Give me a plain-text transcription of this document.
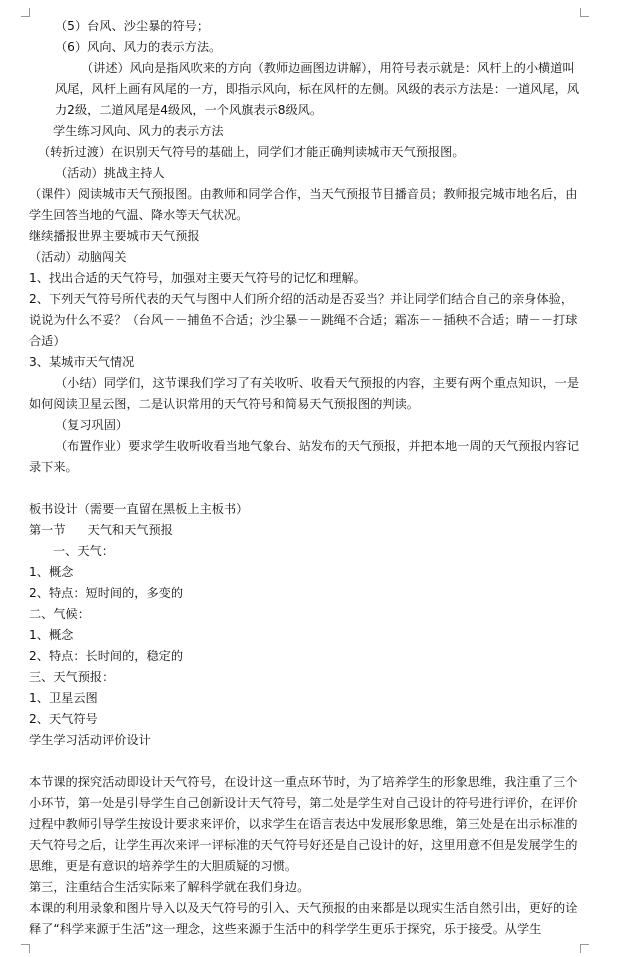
（5）台风、沙尘暴的符号；

（6）风向、风力的表示方法。

（讲述）风向是指风吹来的方向（教师边画图边讲解），用符号表示就是：风杆上的小横道叫风尾，风杆上画有风尾的一方，即指示风向，标在风杆的左侧。风级的表示方法是：一道风尾，风力2级，二道风尾是4级风，一个风旗表示8级风。

学生练习风向、风力的表示方法

（转折过渡）在识别天气符号的基础上，同学们才能正确判读城市天气预报图。

（活动）挑战主持人

（课件）阅读城市天气预报图。由教师和同学合作，当天气预报节目播音员；教师报完城市地名后，由学生回答当地的气温、降水等天气状况。

继续播报世界主要城市天气预报

（活动）动脑闯关

1、找出合适的天气符号，加强对主要天气符号的记忆和理解。

2、下列天气符号所代表的天气与图中人们所介绍的活动是否妥当？并让同学们结合自己的亲身体验，说说为什么不妥？（台风－－捕鱼不合适；沙尘暴－－跳绳不合适；霜冻－－插秧不合适；晴－－打球合适）

3、某城市天气情况

（小结）同学们，这节课我们学习了有关收听、收看天气预报的内容，主要有两个重点知识，一是如何阅读卫星云图，二是认识常用的天气符号和简易天气预报图的判读。

（复习巩固）

（布置作业）要求学生收听收看当地气象台、站发布的天气预报，并把本地一周的天气预报内容记录下来。

板书设计（需要一直留在黑板上主板书）

第一节 天气和天气预报

一、天气：

1、概念

2、特点：短时间的，多变的

二、气候：

1、概念

2、特点：长时间的，稳定的

三、天气预报：

1、卫星云图

2、天气符号

学生学习活动评价设计

本节课的探究活动即设计天气符号，在设计这一重点环节时，为了培养学生的形象思维，我注重了三个小环节，第一处是引导学生自己创新设计天气符号，第二处是学生对自己设计的符号进行评价，在评价过程中教师引导学生按设计要求来评价，以求学生在语言表达中发展形象思维，第三处是在出示标准的天气符号之后，让学生再次来评一评标准的天气符号好还是自己设计的好，这里用意不但是发展学生的思维，更是有意识的培养学生的大胆质疑的习惯。

第三，注重结合生活实际来了解科学就在我们身边。

本课的利用录象和图片导入以及天气符号的引入、天气预报的由来都是以现实生活自然引出，更好的诠释了“科学来源于生活”这一理念，这些来源于生活中的科学学生更乐于探究，乐于接受。从学生
